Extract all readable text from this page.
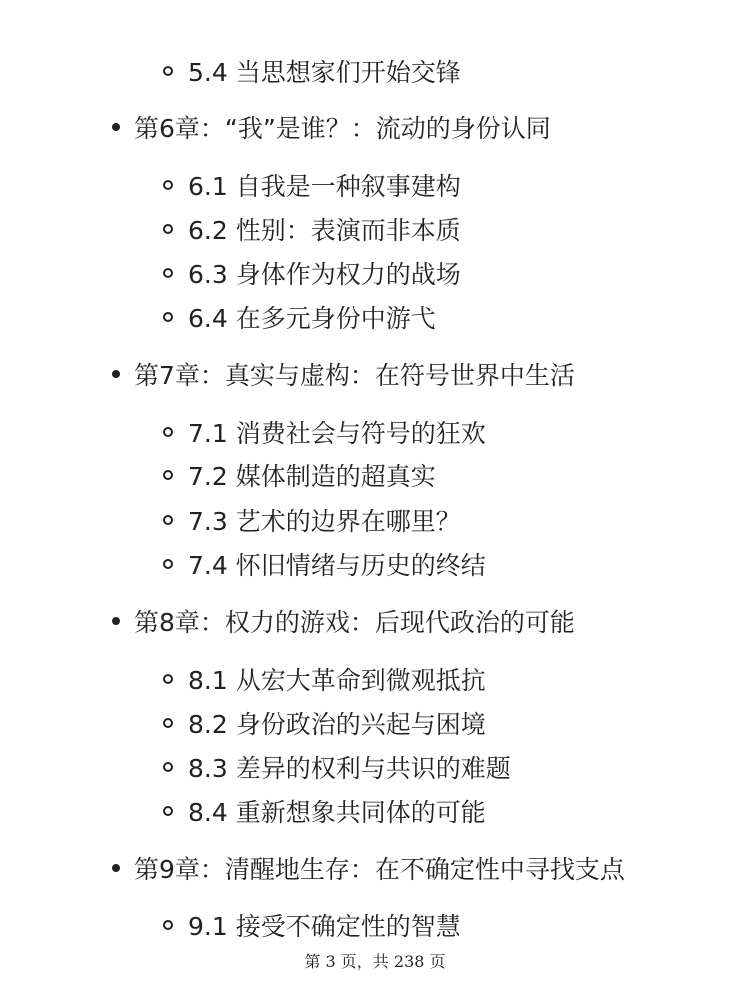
5.4 当思想家们开始交锋
第6章：“我”是谁？：流动的身份认同
6.1 自我是一种叙事建构
6.2 性别：表演而非本质
6.3 身体作为权力的战场
6.4 在多元身份中游弋
第7章：真实与虚构：在符号世界中生活
7.1 消费社会与符号的狂欢
7.2 媒体制造的超真实
7.3 艺术的边界在哪里？
7.4 怀旧情绪与历史的终结
第8章：权力的游戏：后现代政治的可能
8.1 从宏大革命到微观抵抗
8.2 身份政治的兴起与困境
8.3 差异的权利与共识的难题
8.4 重新想象共同体的可能
第9章：清醒地生存：在不确定性中寻找支点
9.1 接受不确定性的智慧
第 3 页，共 238 页
